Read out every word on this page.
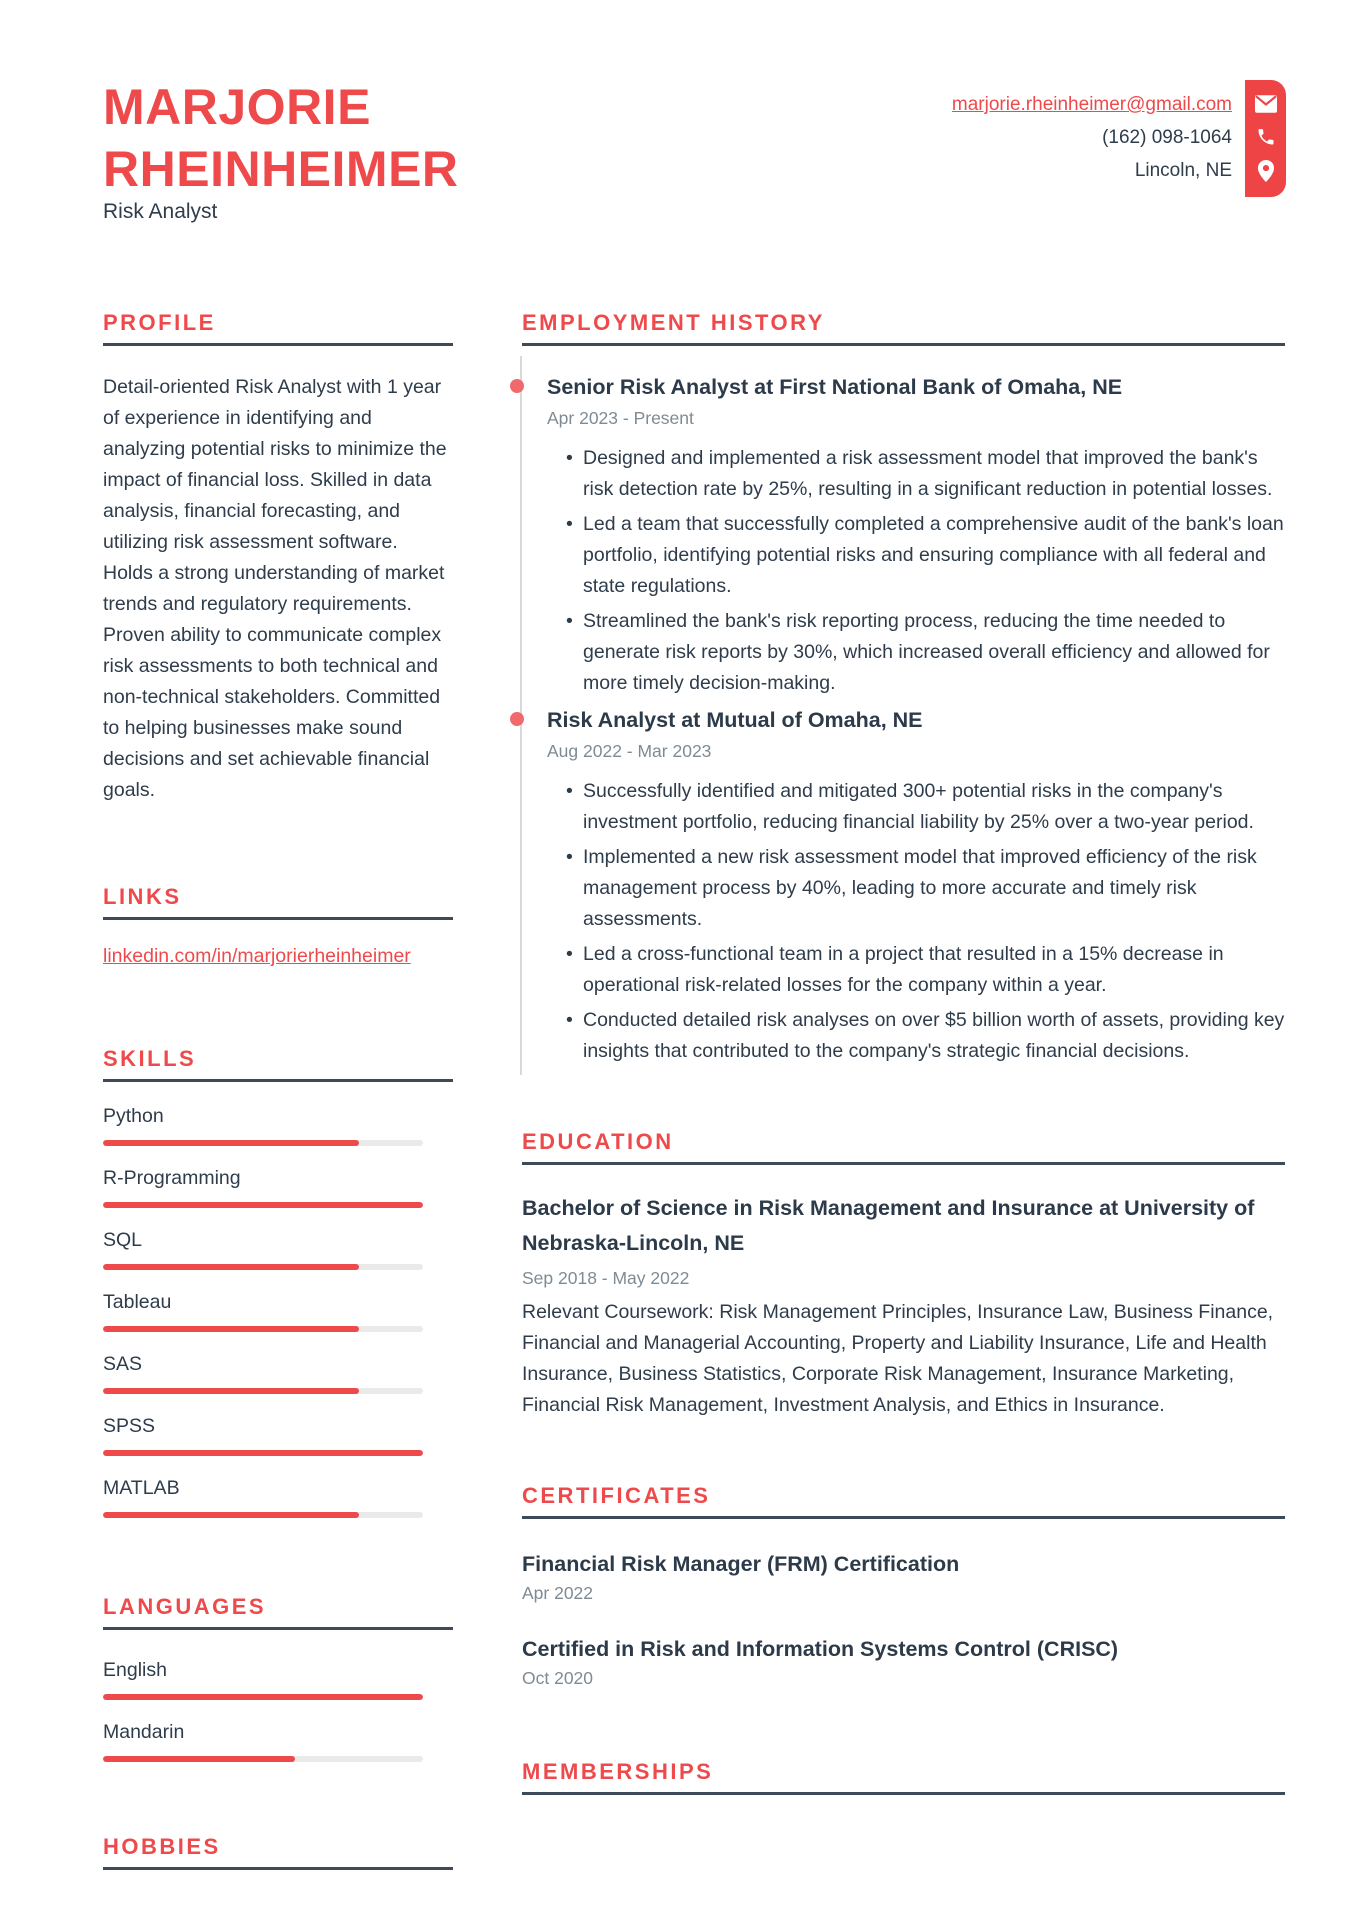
MARJORIE
RHEINHEIMER
Risk Analyst
marjorie.rheinheimer@gmail.com
(162) 098-1064
Lincoln, NE
PROFILE
Detail-oriented Risk Analyst with 1 year of experience in identifying and analyzing potential risks to minimize the impact of financial loss. Skilled in data analysis, financial forecasting, and utilizing risk assessment software. Holds a strong understanding of market trends and regulatory requirements. Proven ability to communicate complex risk assessments to both technical and non-technical stakeholders. Committed to helping businesses make sound decisions and set achievable financial goals.
LINKS
linkedin.com/in/marjorierheinheimer
SKILLS
Python
R-Programming
SQL
Tableau
SAS
SPSS
MATLAB
LANGUAGES
English
Mandarin
HOBBIES
EMPLOYMENT HISTORY
Senior Risk Analyst at First National Bank of Omaha, NE
Apr 2023 - Present
• Designed and implemented a risk assessment model that improved the bank's risk detection rate by 25%, resulting in a significant reduction in potential losses.
• Led a team that successfully completed a comprehensive audit of the bank's loan portfolio, identifying potential risks and ensuring compliance with all federal and state regulations.
• Streamlined the bank's risk reporting process, reducing the time needed to generate risk reports by 30%, which increased overall efficiency and allowed for more timely decision-making.
Risk Analyst at Mutual of Omaha, NE
Aug 2022 - Mar 2023
• Successfully identified and mitigated 300+ potential risks in the company's investment portfolio, reducing financial liability by 25% over a two-year period.
• Implemented a new risk assessment model that improved efficiency of the risk management process by 40%, leading to more accurate and timely risk assessments.
• Led a cross-functional team in a project that resulted in a 15% decrease in operational risk-related losses for the company within a year.
• Conducted detailed risk analyses on over $5 billion worth of assets, providing key insights that contributed to the company's strategic financial decisions.
EDUCATION
Bachelor of Science in Risk Management and Insurance at University of Nebraska-Lincoln, NE
Sep 2018 - May 2022
Relevant Coursework: Risk Management Principles, Insurance Law, Business Finance, Financial and Managerial Accounting, Property and Liability Insurance, Life and Health Insurance, Business Statistics, Corporate Risk Management, Insurance Marketing, Financial Risk Management, Investment Analysis, and Ethics in Insurance.
CERTIFICATES
Financial Risk Manager (FRM) Certification
Apr 2022
Certified in Risk and Information Systems Control (CRISC)
Oct 2020
MEMBERSHIPS
